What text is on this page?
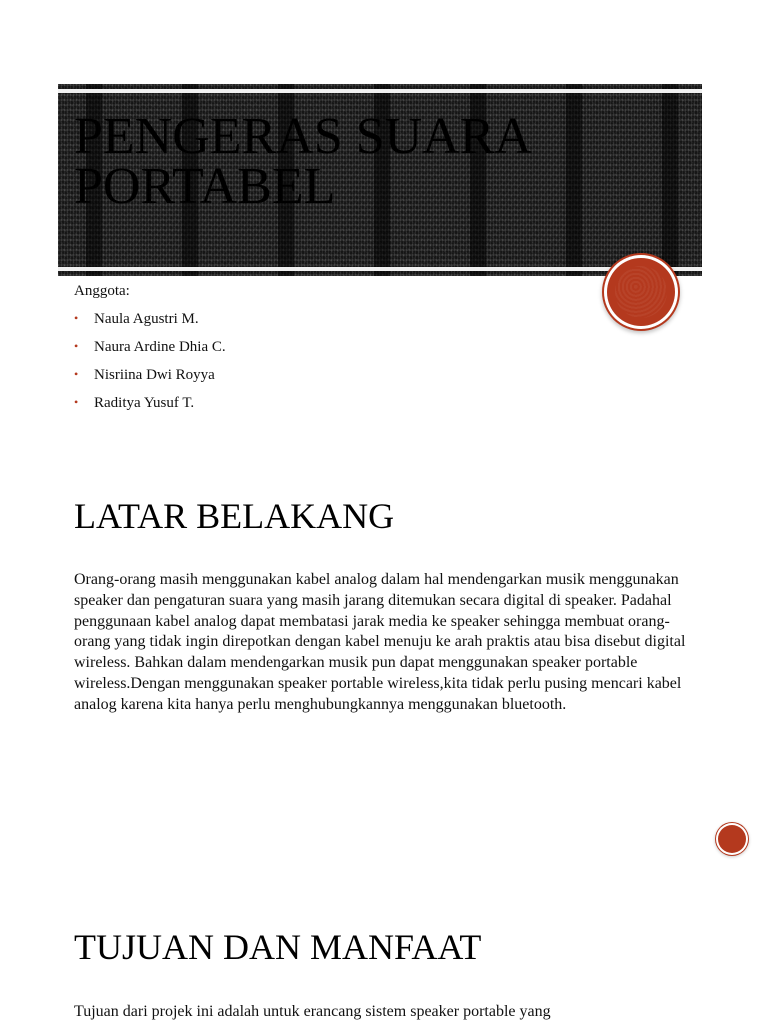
PENGERAS SUARA PORTABEL

Anggota:

• Naula Agustri M.
• Naura Ardine Dhia C.
• Nisriina Dwi Royya
• Raditya Yusuf T.
LATAR BELAKANG

Orang-orang masih menggunakan kabel analog dalam hal mendengarkan musik menggunakan speaker dan pengaturan suara yang masih jarang ditemukan secara digital di speaker. Padahal penggunaan kabel analog dapat membatasi jarak media ke speaker sehingga membuat orang-orang yang tidak ingin direpotkan dengan kabel menuju ke arah praktis atau bisa disebut digital wireless. Bahkan dalam mendengarkan musik pun dapat menggunakan speaker portable wireless.Dengan menggunakan speaker portable wireless,kita tidak perlu pusing mencari kabel analog karena kita hanya perlu menghubungkannya menggunakan bluetooth.

TUJUAN DAN MANFAAT

Tujuan dari projek ini adalah untuk erancang sistem speaker portable yang
